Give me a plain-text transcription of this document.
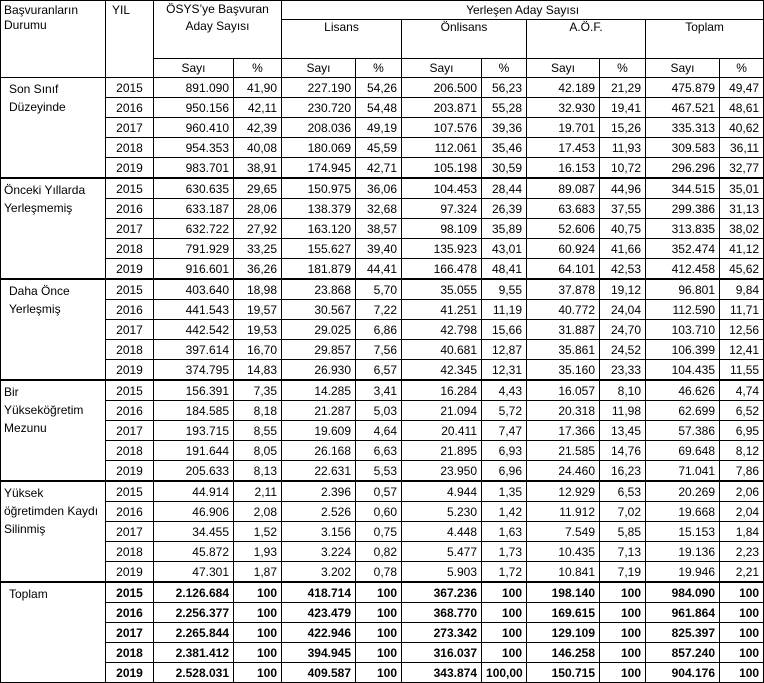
Başvuranların Durumu	YIL	ÖSYS’ye Başvuran Aday Sayısı		Yerleşen Aday Sayısı							
				Lisans		Önlisans		A.Ö.F.		Toplam	
		Sayı	%	Sayı	%	Sayı	%	Sayı	%	Sayı	%
Son Sınıf Düzeyinde	2015	891.090	41,90	227.190	54,26	206.500	56,23	42.189	21,29	475.879	49,47
	2016	950.156	42,11	230.720	54,48	203.871	55,28	32.930	19,41	467.521	48,61
	2017	960.410	42,39	208.036	49,19	107.576	39,36	19.701	15,26	335.313	40,62
	2018	954.353	40,08	180.069	45,59	112.061	35,46	17.453	11,93	309.583	36,11
	2019	983.701	38,91	174.945	42,71	105.198	30,59	16.153	10,72	296.296	32,77
Önceki Yıllarda Yerleşmemiş	2015	630.635	29,65	150.975	36,06	104.453	28,44	89.087	44,96	344.515	35,01
	2016	633.187	28,06	138.379	32,68	97.324	26,39	63.683	37,55	299.386	31,13
	2017	632.722	27,92	163.120	38,57	98.109	35,89	52.606	40,75	313.835	38,02
	2018	791.929	33,25	155.627	39,40	135.923	43,01	60.924	41,66	352.474	41,12
	2019	916.601	36,26	181.879	44,41	166.478	48,41	64.101	42,53	412.458	45,62
Daha Önce Yerleşmiş	2015	403.640	18,98	23.868	5,70	35.055	9,55	37.878	19,12	96.801	9,84
	2016	441.543	19,57	30.567	7,22	41.251	11,19	40.772	24,04	112.590	11,71
	2017	442.542	19,53	29.025	6,86	42.798	15,66	31.887	24,70	103.710	12,56
	2018	397.614	16,70	29.857	7,56	40.681	12,87	35.861	24,52	106.399	12,41
	2019	374.795	14,83	26.930	6,57	42.345	12,31	35.160	23,33	104.435	11,55
Bir Yükseköğretim Mezunu	2015	156.391	7,35	14.285	3,41	16.284	4,43	16.057	8,10	46.626	4,74
	2016	184.585	8,18	21.287	5,03	21.094	5,72	20.318	11,98	62.699	6,52
	2017	193.715	8,55	19.609	4,64	20.411	7,47	17.366	13,45	57.386	6,95
	2018	191.644	8,05	26.168	6,63	21.895	6,93	21.585	14,76	69.648	8,12
	2019	205.633	8,13	22.631	5,53	23.950	6,96	24.460	16,23	71.041	7,86
Yüksek öğretimden Kaydı Silinmiş	2015	44.914	2,11	2.396	0,57	4.944	1,35	12.929	6,53	20.269	2,06
	2016	46.906	2,08	2.526	0,60	5.230	1,42	11.912	7,02	19.668	2,04
	2017	34.455	1,52	3.156	0,75	4.448	1,63	7.549	5,85	15.153	1,84
	2018	45.872	1,93	3.224	0,82	5.477	1,73	10.435	7,13	19.136	2,23
	2019	47.301	1,87	3.202	0,78	5.903	1,72	10.841	7,19	19.946	2,21
Toplam	2015	2.126.684	100	418.714	100	367.236	100	198.140	100	984.090	100
	2016	2.256.377	100	423.479	100	368.770	100	169.615	100	961.864	100
	2017	2.265.844	100	422.946	100	273.342	100	129.109	100	825.397	100
	2018	2.381.412	100	394.945	100	316.037	100	146.258	100	857.240	100
	2019	2.528.031	100	409.587	100	343.874	100,00	150.715	100	904.176	100
